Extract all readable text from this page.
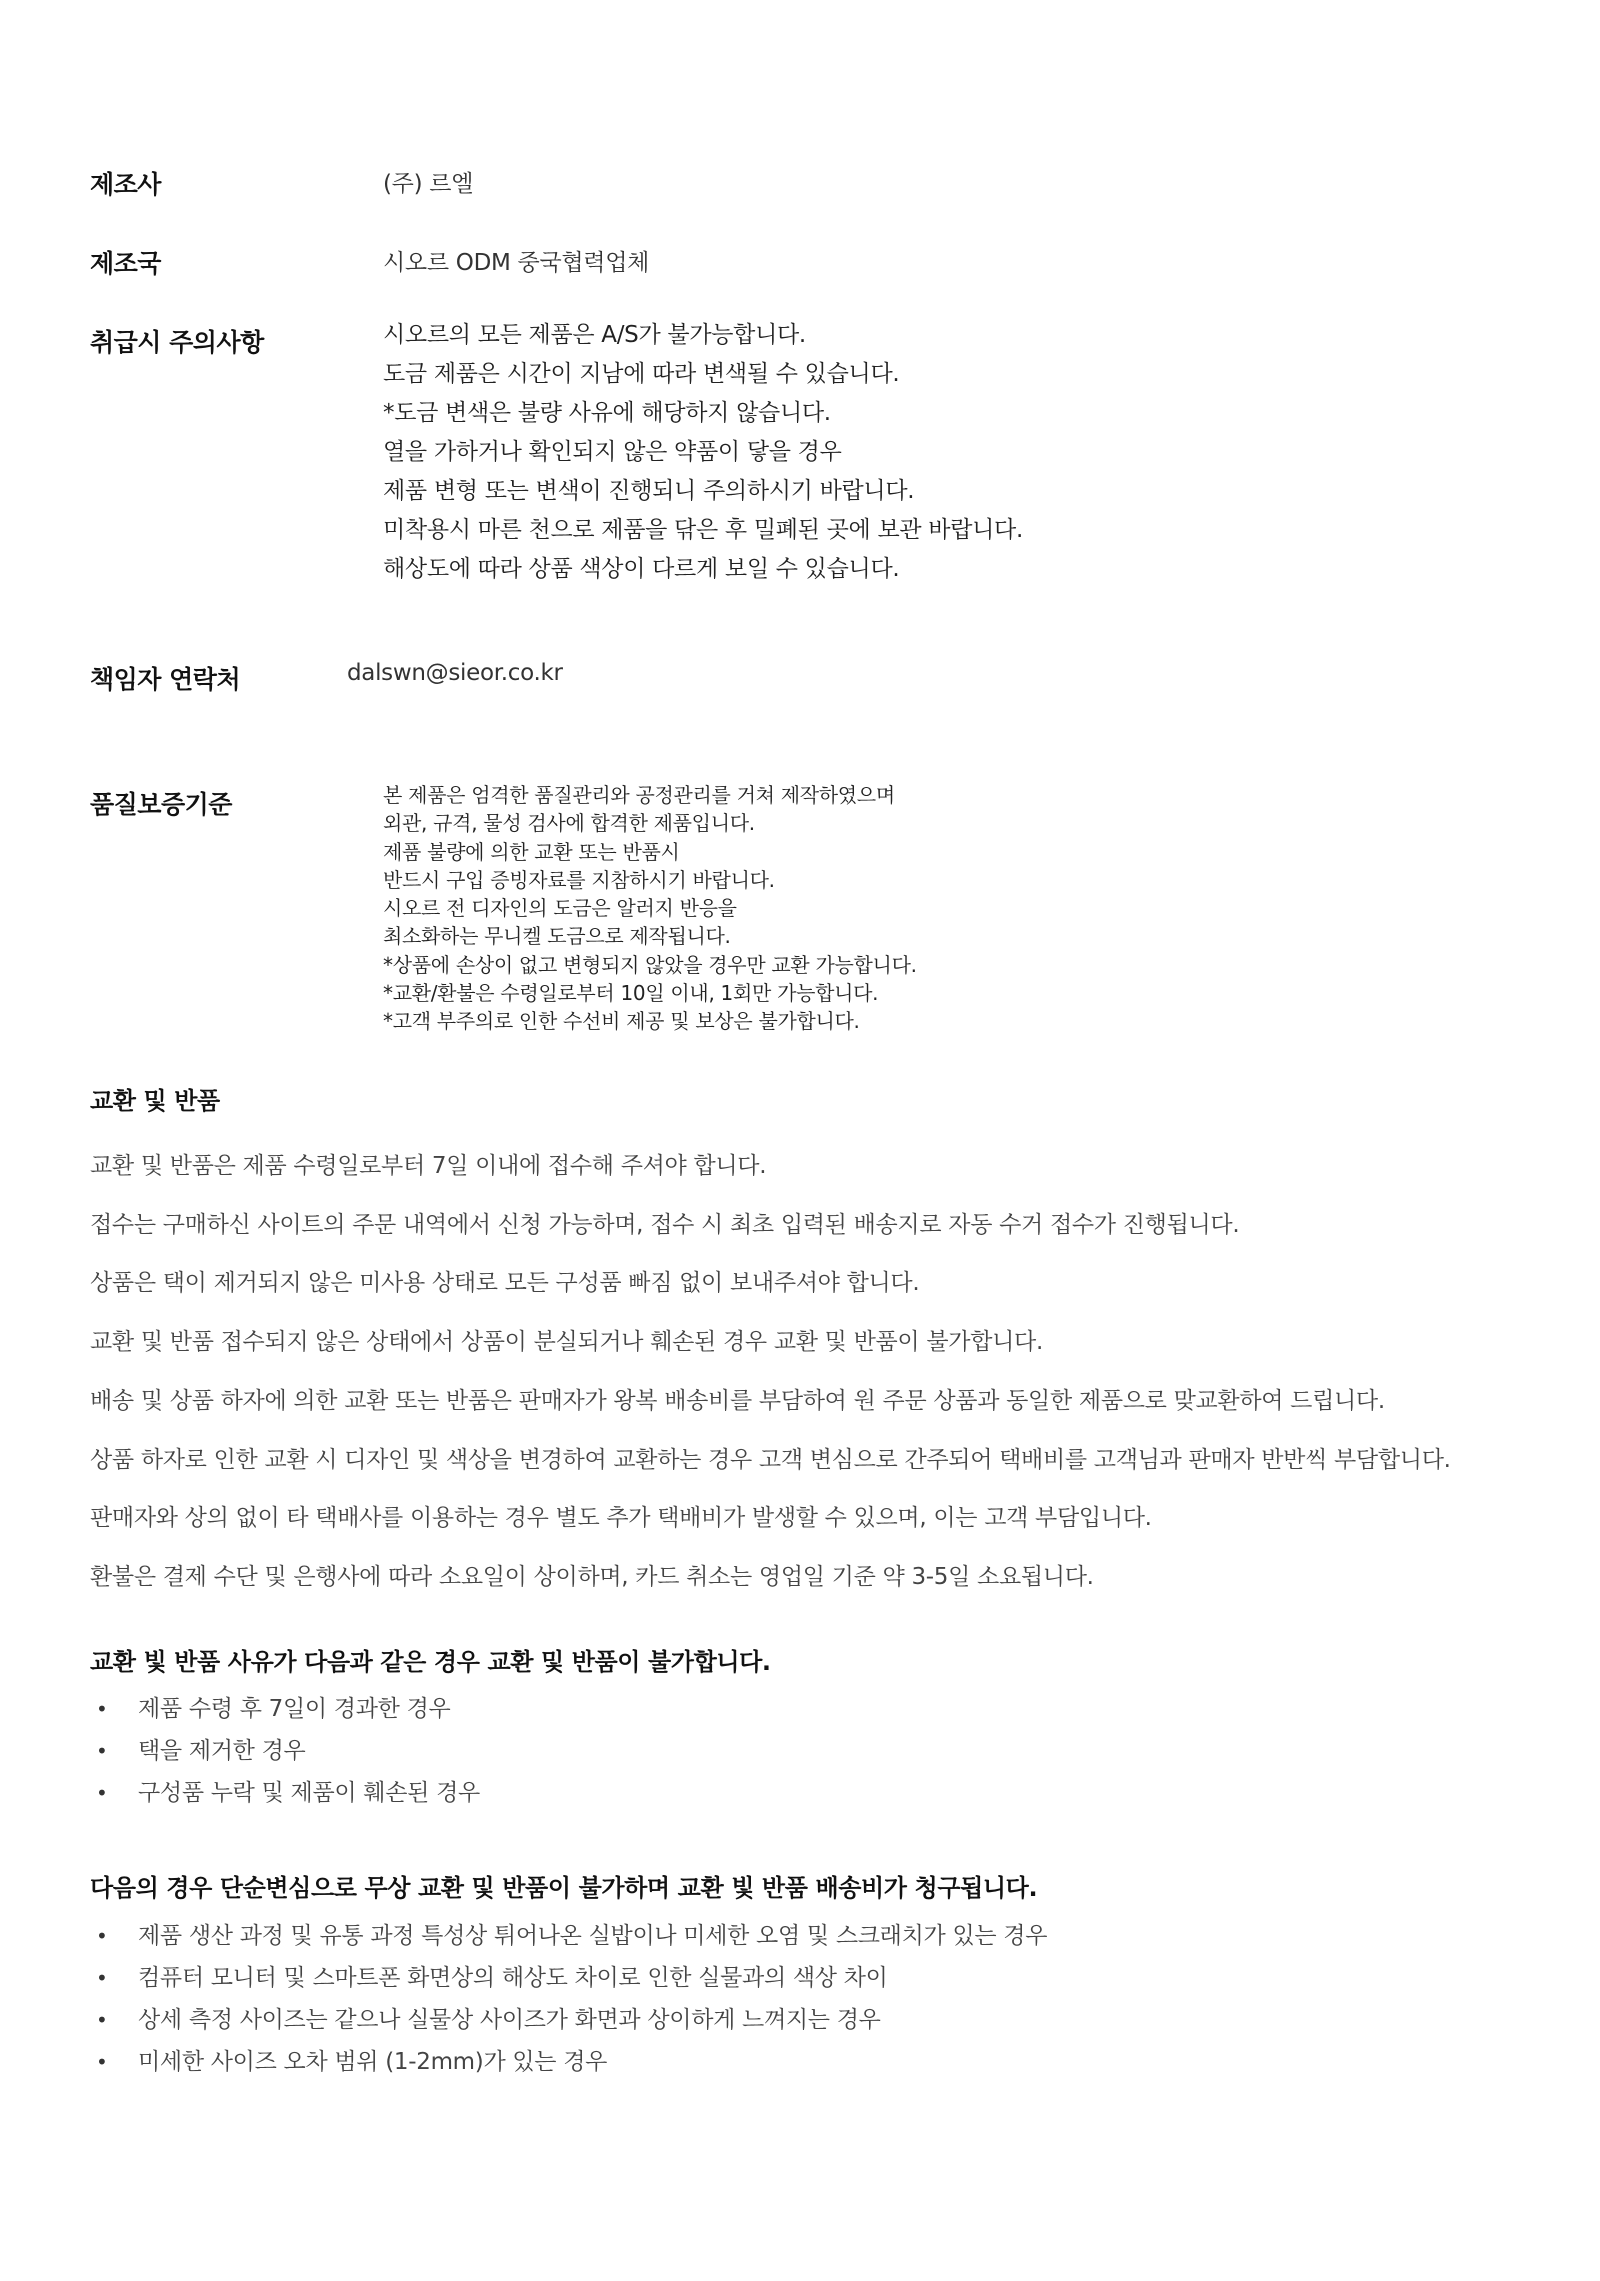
제조사	(주) 르엘
제조국	시오르 ODM 중국협력업체
취급시 주의사항	시오르의 모든 제품은 A/S가 불가능합니다.
도금 제품은 시간이 지남에 따라 변색될 수 있습니다.
*도금 변색은 불량 사유에 해당하지 않습니다.
열을 가하거나 확인되지 않은 약품이 닿을 경우
제품 변형 또는 변색이 진행되니 주의하시기 바랍니다.
미착용시 마른 천으로 제품을 닦은 후 밀폐된 곳에 보관 바랍니다.
해상도에 따라 상품 색상이 다르게 보일 수 있습니다.
책임자 연락처	dalswn@sieor.co.kr
품질보증기준	본 제품은 엄격한 품질관리와 공정관리를 거쳐 제작하였으며
외관, 규격, 물성 검사에 합격한 제품입니다.
제품 불량에 의한 교환 또는 반품시
반드시 구입 증빙자료를 지참하시기 바랍니다.
시오르 전 디자인의 도금은 알러지 반응을
최소화하는 무니켈 도금으로 제작됩니다.
*상품에 손상이 없고 변형되지 않았을 경우만 교환 가능합니다.
*교환/환불은 수령일로부터 10일 이내, 1회만 가능합니다.
*고객 부주의로 인한 수선비 제공 및 보상은 불가합니다.
교환 및 반품
교환 및 반품은 제품 수령일로부터 7일 이내에 접수해 주셔야 합니다.
접수는 구매하신 사이트의 주문 내역에서 신청 가능하며, 접수 시 최초 입력된 배송지로 자동 수거 접수가 진행됩니다.
상품은 택이 제거되지 않은 미사용 상태로 모든 구성품 빠짐 없이 보내주셔야 합니다.
교환 및 반품 접수되지 않은 상태에서 상품이 분실되거나 훼손된 경우 교환 및 반품이 불가합니다.
배송 및 상품 하자에 의한 교환 또는 반품은 판매자가 왕복 배송비를 부담하여 원 주문 상품과 동일한 제품으로 맞교환하여 드립니다.
상품 하자로 인한 교환 시 디자인 및 색상을 변경하여 교환하는 경우 고객 변심으로 간주되어 택배비를 고객님과 판매자 반반씩 부담합니다.
판매자와 상의 없이 타 택배사를 이용하는 경우 별도 추가 택배비가 발생할 수 있으며, 이는 고객 부담입니다.
환불은 결제 수단 및 은행사에 따라 소요일이 상이하며, 카드 취소는 영업일 기준 약 3-5일 소요됩니다.
교환 빛 반품 사유가 다음과 같은 경우 교환 및 반품이 불가합니다.
• 제품 수령 후 7일이 경과한 경우
• 택을 제거한 경우
• 구성품 누락 및 제품이 훼손된 경우
다음의 경우 단순변심으로 무상 교환 및 반품이 불가하며 교환 빛 반품 배송비가 청구됩니다.
• 제품 생산 과정 및 유통 과정 특성상 튀어나온 실밥이나 미세한 오염 및 스크래치가 있는 경우
• 컴퓨터 모니터 및 스마트폰 화면상의 해상도 차이로 인한 실물과의 색상 차이
• 상세 측정 사이즈는 같으나 실물상 사이즈가 화면과 상이하게 느껴지는 경우
• 미세한 사이즈 오차 범위 (1-2mm)가 있는 경우
